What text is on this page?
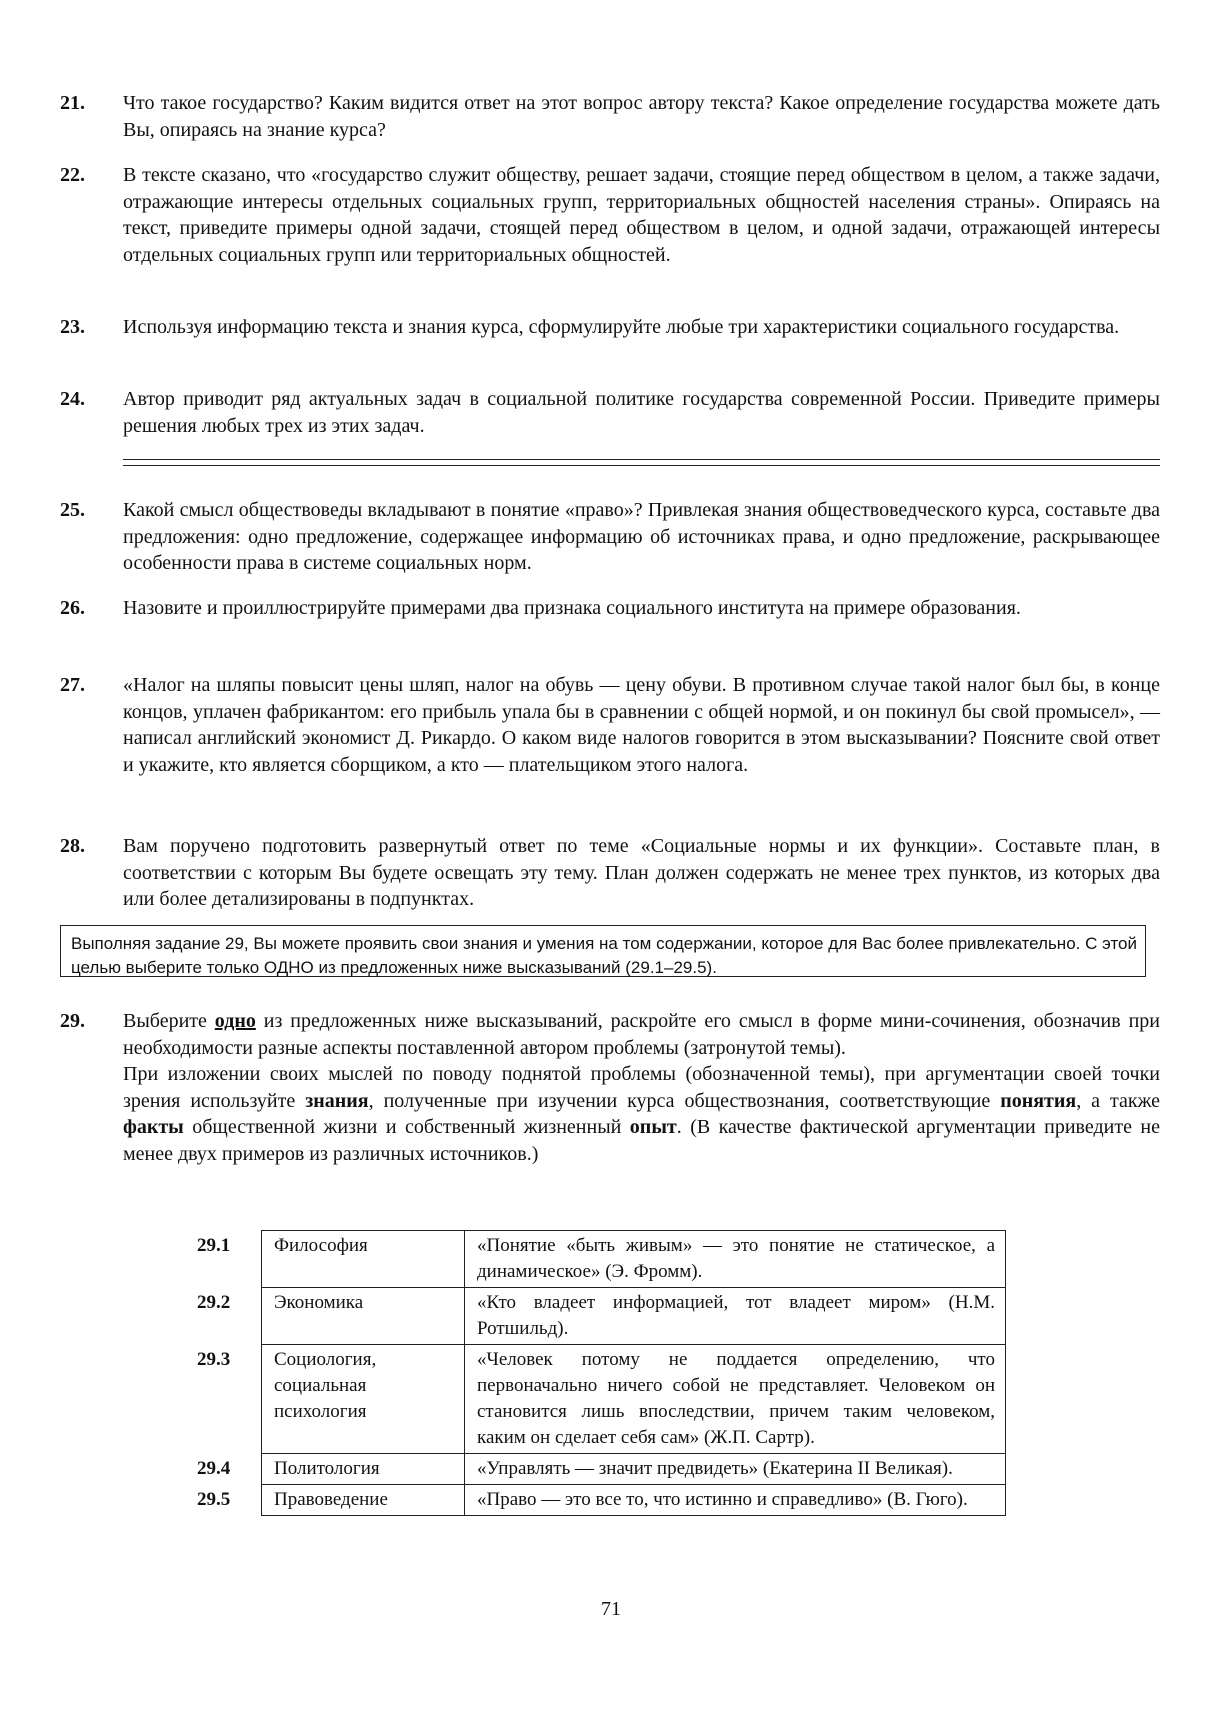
21.	Что такое государство? Каким видится ответ на этот вопрос автору текста? Какое определение государства можете дать Вы, опираясь на знание курса?

22.	В тексте сказано, что «государство служит обществу, решает задачи, стоящие перед обществом в целом, а также задачи, отражающие интересы отдельных социальных групп, территориальных общностей населения страны». Опираясь на текст, приведите примеры одной задачи, стоящей перед обществом в целом, и одной задачи, отражающей интересы отдельных социальных групп или территориальных общностей.

23.	Используя информацию текста и знания курса, сформулируйте любые три характеристики социального государства.

24.	Автор приводит ряд актуальных задач в социальной политике государства современной России. Приведите примеры решения любых трех из этих задач.

25.	Какой смысл обществоведы вкладывают в понятие «право»? Привлекая знания обществоведческого курса, составьте два предложения: одно предложение, содержащее информацию об источниках права, и одно предложение, раскрывающее особенности права в системе социальных норм.

26.	Назовите и проиллюстрируйте примерами два признака социального института на примере образования.

27.	«Налог на шляпы повысит цены шляп, налог на обувь — цену обуви. В противном случае такой налог был бы, в конце концов, уплачен фабрикантом: его прибыль упала бы в сравнении с общей нормой, и он покинул бы свой промысел», — написал английский экономист Д. Рикардо. О каком виде налогов говорится в этом высказывании? Поясните свой ответ и укажите, кто является сборщиком, а кто — плательщиком этого налога.

28.	Вам поручено подготовить развернутый ответ по теме «Социальные нормы и их функции». Составьте план, в соответствии с которым Вы будете освещать эту тему. План должен содержать не менее трех пунктов, из которых два или более детализированы в подпунктах.

Выполняя задание 29, Вы можете проявить свои знания и умения на том содержании, которое для Вас более привлекательно. С этой целью выберите только ОДНО из предложенных ниже высказываний (29.1–29.5).
29.	Выберите одно из предложенных ниже высказываний, раскройте его смысл в форме мини-сочинения, обозначив при необходимости разные аспекты поставленной автором проблемы (затронутой темы).

При изложении своих мыслей по поводу поднятой проблемы (обозначенной темы), при аргументации своей точки зрения используйте знания, полученные при изучении курса обществознания, соответствующие понятия, а также факты общественной жизни и собственный жизненный опыт. (В качестве фактической аргументации приведите не менее двух примеров из различных источников.)

29.1	Философия	«Понятие «быть живым» — это понятие не статическое, а динамическое» (Э. Фромм).
29.2	Экономика	«Кто владеет информацией, тот владеет миром» (Н.М. Ротшильд).
29.3	Социология, социальная психология	«Человек потому не поддается определению, что первоначально ничего собой не представляет. Человеком он становится лишь впоследствии, причем таким человеком, каким он сделает себя сам» (Ж.П. Сартр).
29.4	Политология	«Управлять — значит предвидеть» (Екатерина II Великая).
29.5	Правоведение	«Право — это все то, что истинно и справедливо» (В. Гюго).
71
